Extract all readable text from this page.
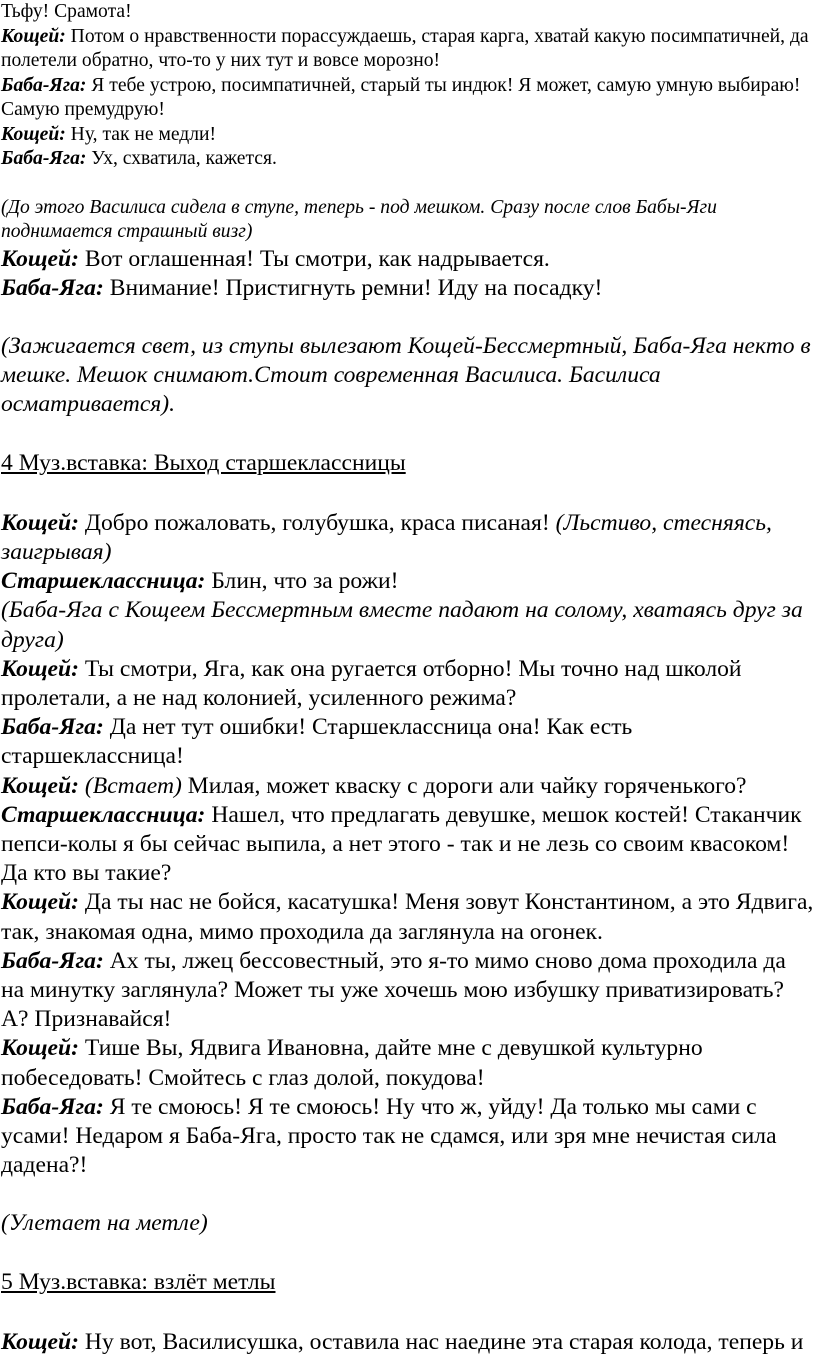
Тьфу! Срамота!

Кощей: Потом о нравственности порассуждаешь, старая карга, хватай какую посимпатичней, да полетели обратно, что-то у них тут и вовсе морозно!

Баба-Яга: Я тебе устрою, посимпатичней, старый ты индюк! Я может, самую умную выбираю! Самую премудрую!

Кощей: Ну, так не медли!

Баба-Яга: Ух, схватила, кажется.

(До этого Василиса сидела в ступе, теперь - под мешком. Сразу после слов Бабы-Яги поднимается страшный визг)

Кощей: Вот оглашенная! Ты смотри, как надрывается.

Баба-Яга: Внимание! Пристигнуть ремни! Иду на посадку!

(Зажигается свет, из ступы вылезают Кощей-Бессмертный, Баба-Яга некто в мешке. Мешок снимают.Стоит современная Василиса. Басилиса осматривается).

4 Муз.вставка: Выход старшеклассницы

Кощей: Добро пожаловать, голубушка, краса писаная! (Льстиво, стесняясь, заигрывая)

Старшеклассница: Блин, что за рожи!

(Баба-Яга с Кощеем Бессмертным вместе падают на солому, хватаясь друг за друга)

Кощей: Ты смотри, Яга, как она ругается отборно! Мы точно над школой пролетали, а не над колонией, усиленного режима?

Баба-Яга: Да нет тут ошибки! Старшеклассница она! Как есть старшеклассница!

Кощей: (Встает) Милая, может кваску с дороги али чайку горяченького?

Старшеклассница: Нашел, что предлагать девушке, мешок костей! Стаканчик пепси-колы я бы сейчас выпила, а нет этого - так и не лезь со своим квасоком! Да кто вы такие?

Кощей: Да ты нас не бойся, касатушка! Меня зовут Константином, а это Ядвига, так, знакомая одна, мимо проходила да заглянула на огонек.

Баба-Яга: Ах ты, лжец бессовестный, это я-то мимо сново дома проходила да на минутку заглянула? Может ты уже хочешь мою избушку приватизировать? А? Признавайся!

Кощей: Тише Вы, Ядвига Ивановна, дайте мне с девушкой культурно побеседовать! Смойтесь с глаз долой, покудова!

Баба-Яга: Я те смоюсь! Я те смоюсь! Ну что ж, уйду! Да только мы сами с усами! Недаром я Баба-Яга, просто так не сдамся, или зря мне нечистая сила дадена?!

(Улетает на метле)

5 Муз.вставка: взлёт метлы

Кощей: Ну вот, Василисушка, оставила нас наедине эта старая колода, теперь и
